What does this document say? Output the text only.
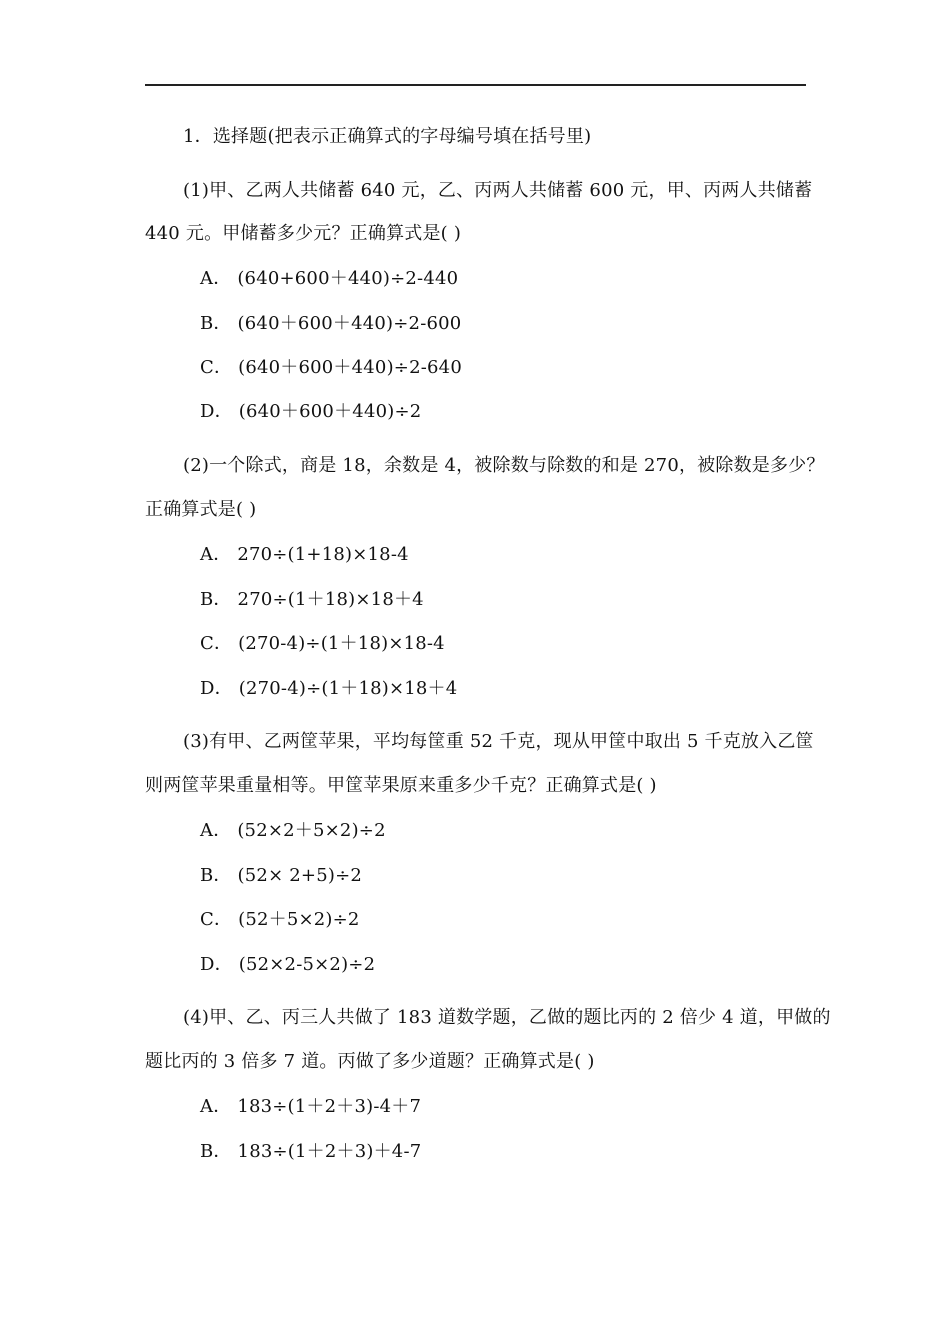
1．选择题(把表示正确算式的字母编号填在括号里)
(1)甲、乙两人共储蓄 640 元，乙、丙两人共储蓄 600 元，甲、丙两人共储蓄
440 元。甲储蓄多少元？正确算式是( )
A． (640+600＋440)÷2-440
B． (640＋600＋440)÷2-600
C． (640＋600＋440)÷2-640
D． (640＋600＋440)÷2
(2)一个除式，商是 18，余数是 4，被除数与除数的和是 270，被除数是多少？
正确算式是( )
A． 270÷(1+18)×18-4
B． 270÷(1＋18)×18＋4
C． (270-4)÷(1＋18)×18-4
D． (270-4)÷(1＋18)×18＋4
(3)有甲、乙两筐苹果，平均每筐重 52 千克，现从甲筐中取出 5 千克放入乙筐
则两筐苹果重量相等。甲筐苹果原来重多少千克？正确算式是( )
A． (52×2＋5×2)÷2
B． (52× 2+5)÷2
C． (52＋5×2)÷2
D． (52×2-5×2)÷2
(4)甲、乙、丙三人共做了 183 道数学题，乙做的题比丙的 2 倍少 4 道，甲做的
题比丙的 3 倍多 7 道。丙做了多少道题？正确算式是( )
A． 183÷(1＋2＋3)-4＋7
B． 183÷(1＋2＋3)＋4-7
